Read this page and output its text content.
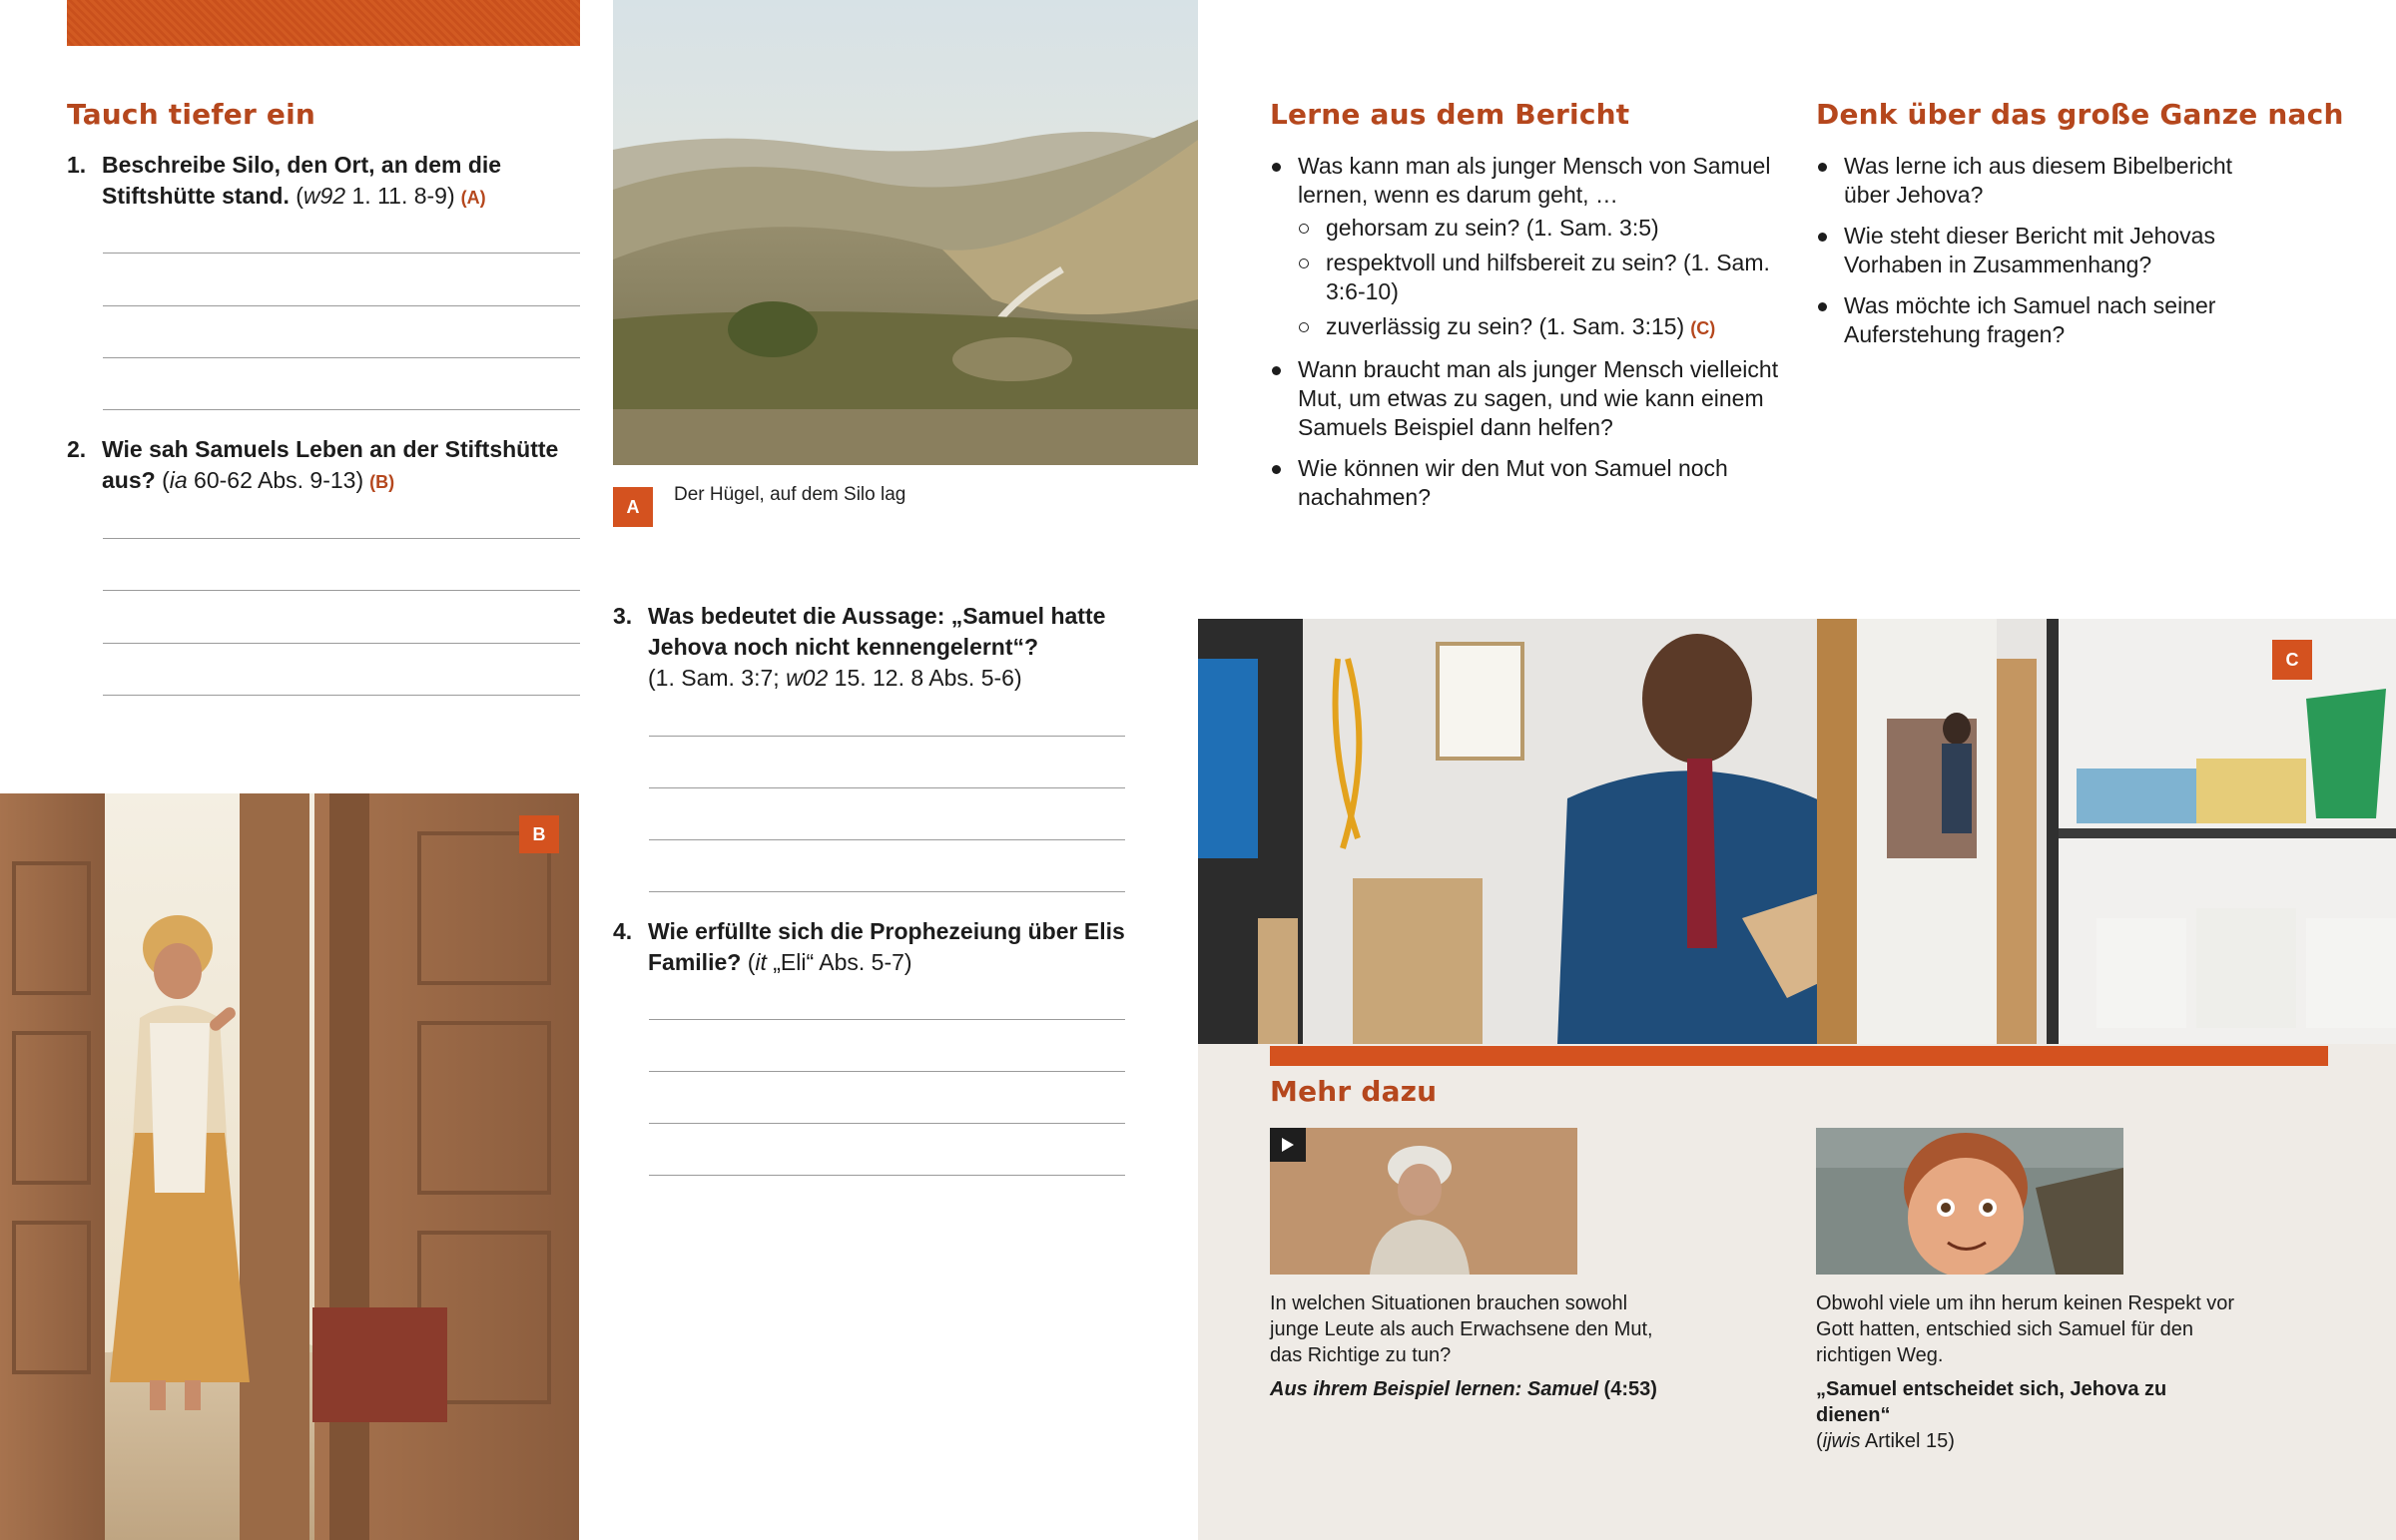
Tauch tiefer ein
1. Beschreibe Silo, den Ort, an dem die Stiftshütte stand. (w92 1. 11. 8-9) (A)
2. Wie sah Samuels Leben an der Stiftshütte aus? (ia 60-62 Abs. 9-13) (B)
B
A
Der Hügel, auf dem Silo lag
3. Was bedeutet die Aussage: „Samuel hatte Jehova noch nicht kennengelernt“?
(1. Sam. 3:7; w02 15. 12. 8 Abs. 5-6)
4. Wie erfüllte sich die Prophezeiung über Elis Familie? (it „Eli“ Abs. 5-7)
Lerne aus dem Bericht
Was kann man als junger Mensch von Samuel lernen, wenn es darum geht, …
gehorsam zu sein? (1. Sam. 3:5)
respektvoll und hilfsbereit zu sein? (1. Sam. 3:6-10)
zuverlässig zu sein? (1. Sam. 3:15) (C)
Wann braucht man als junger Mensch vielleicht Mut, um etwas zu sagen, und wie kann einem Samuels Beispiel dann helfen?
Wie können wir den Mut von Samuel noch nachahmen?
Denk über das große Ganze nach
Was lerne ich aus diesem Bibelbericht über Jehova?
Wie steht dieser Bericht mit Jehovas Vorhaben in Zusammenhang?
Was möchte ich Samuel nach seiner Auferstehung fragen?
C
Mehr dazu
In welchen Situationen brauchen sowohl junge Leute als auch Erwachsene den Mut, das Richtige zu tun?
Aus ihrem Beispiel lernen: Samuel (4:53)
Obwohl viele um ihn herum keinen Respekt vor Gott hatten, entschied sich Samuel für den richtigen Weg.
„Samuel entscheidet sich, Jehova zu dienen“
(ijwis Artikel 15)
